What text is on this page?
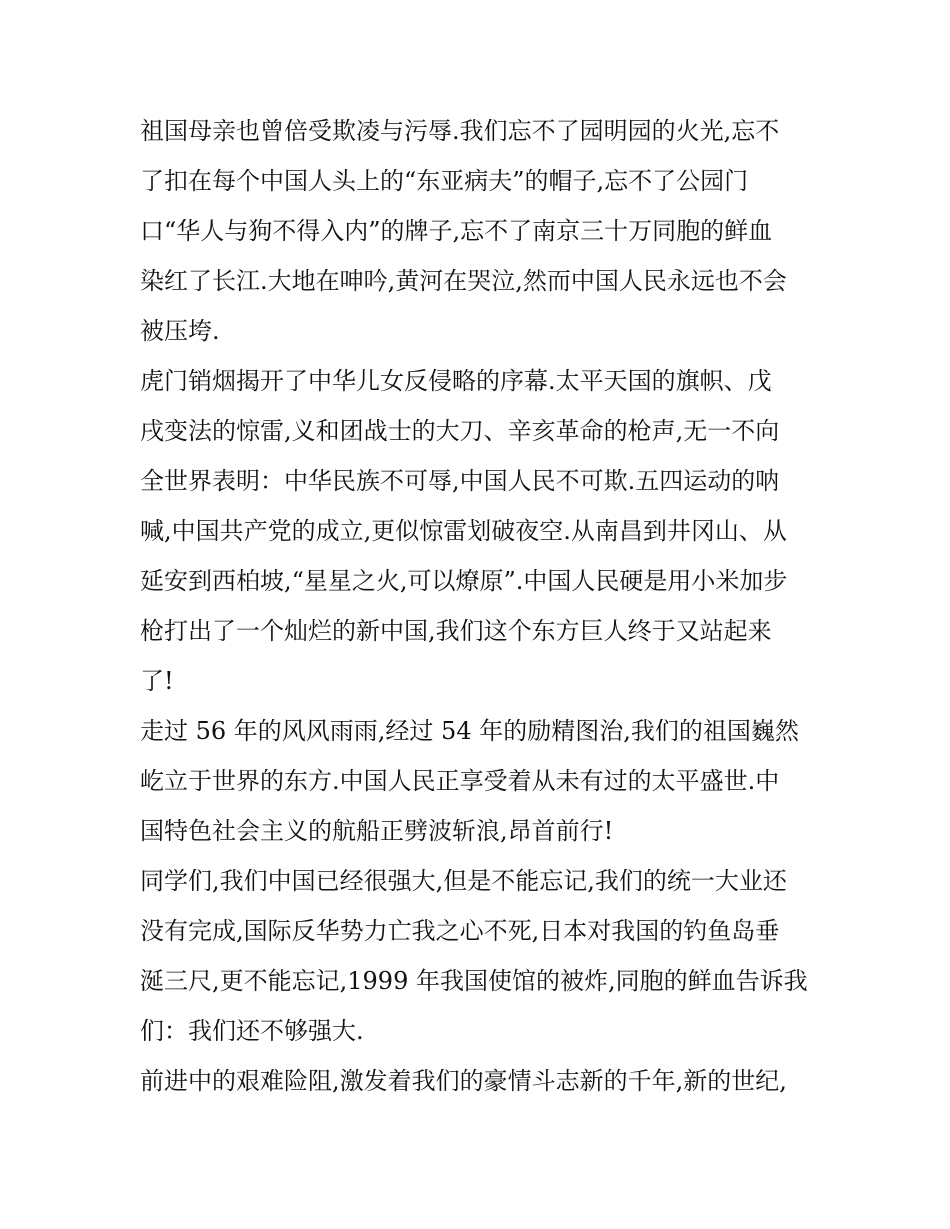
祖国母亲也曾倍受欺凌与污辱.我们忘不了园明园的火光,忘不
了扣在每个中国人头上的“东亚病夫”的帽子,忘不了公园门
口“华人与狗不得入内”的牌子,忘不了南京三十万同胞的鲜血
染红了长江.大地在呻吟,黄河在哭泣,然而中国人民永远也不会
被压垮.
虎门销烟揭开了中华儿女反侵略的序幕.太平天国的旗帜、戊
戌变法的惊雷,义和团战士的大刀、辛亥革命的枪声,无一不向
全世界表明：中华民族不可辱,中国人民不可欺.五四运动的呐
喊,中国共产党的成立,更似惊雷划破夜空.从南昌到井冈山、从
延安到西柏坡,“星星之火,可以燎原”.中国人民硬是用小米加步
枪打出了一个灿烂的新中国,我们这个东方巨人终于又站起来
了!
走过 56 年的风风雨雨,经过 54 年的励精图治,我们的祖国巍然
屹立于世界的东方.中国人民正享受着从未有过的太平盛世.中
国特色社会主义的航船正劈波斩浪,昂首前行!
同学们,我们中国已经很强大,但是不能忘记,我们的统一大业还
没有完成,国际反华势力亡我之心不死,日本对我国的钓鱼岛垂
涎三尺,更不能忘记,1999 年我国使馆的被炸,同胞的鲜血告诉我
们：我们还不够强大.
前进中的艰难险阻,激发着我们的豪情斗志新的千年,新的世纪,
